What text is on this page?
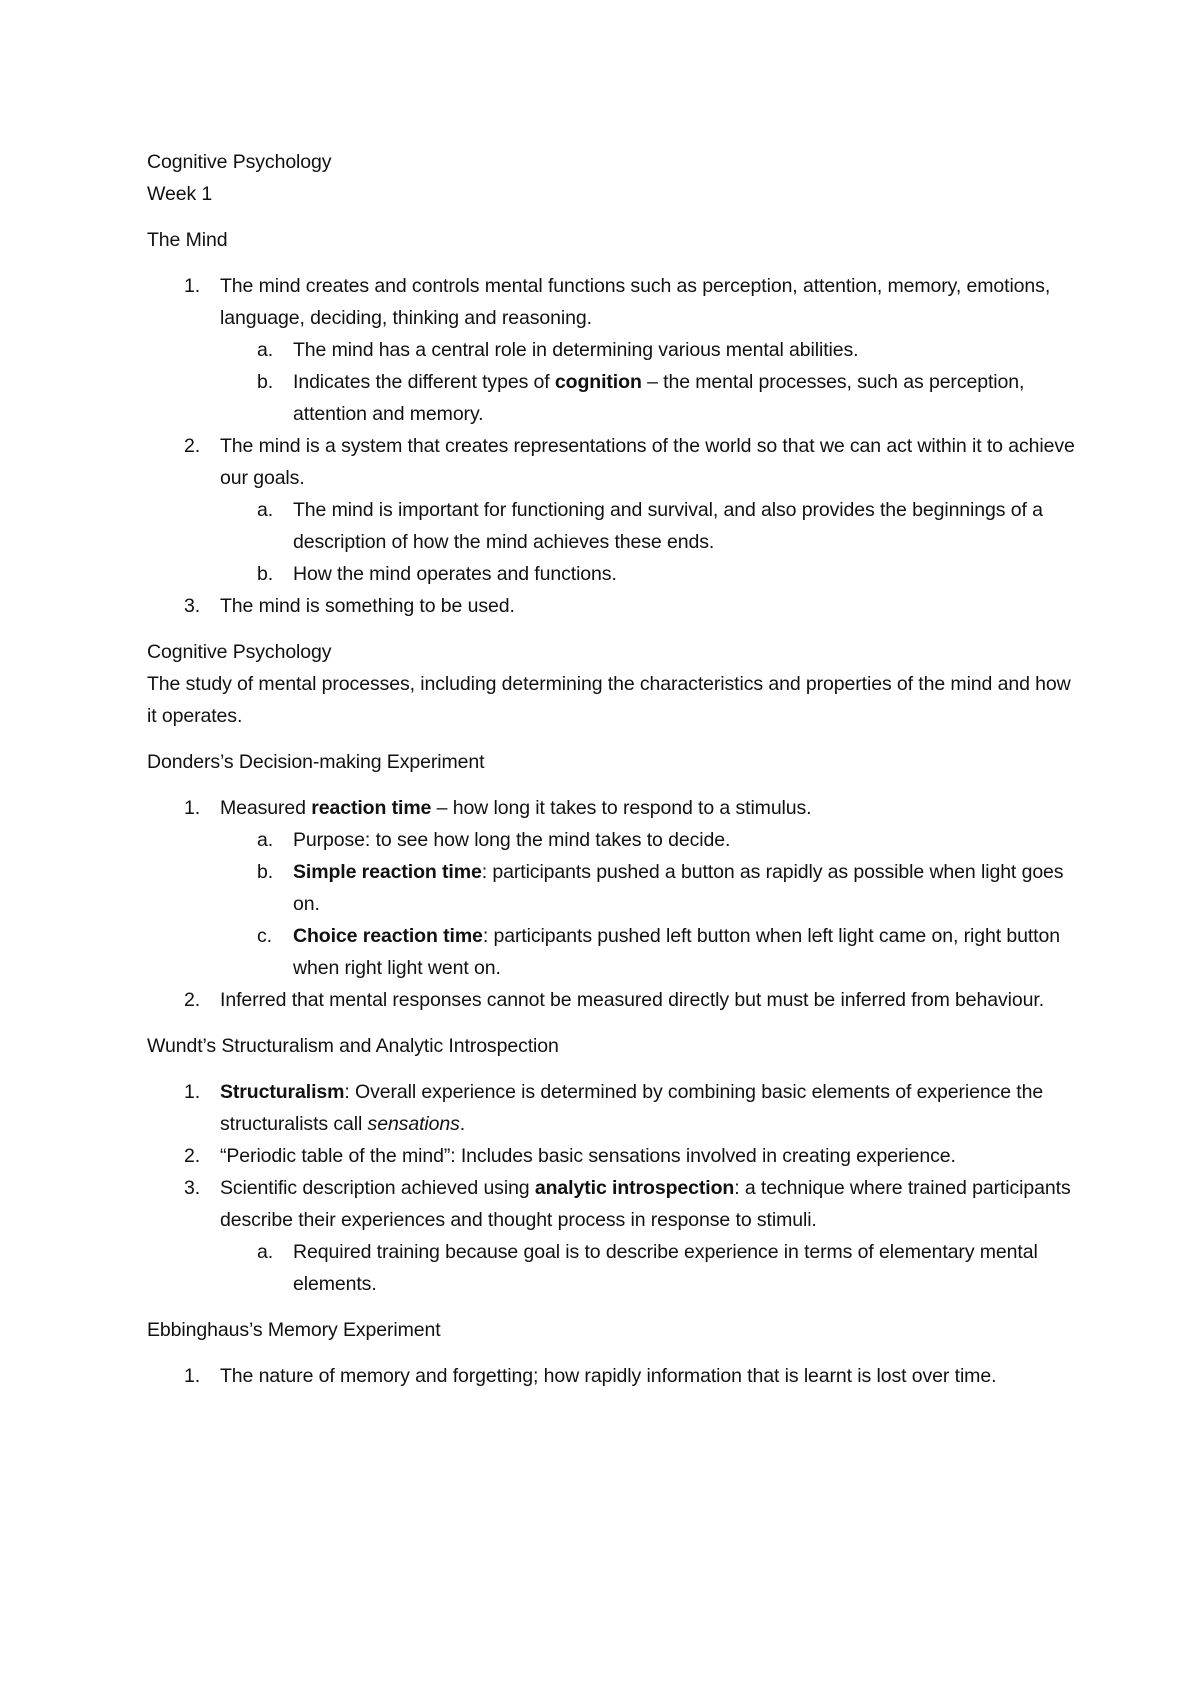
Cognitive Psychology

Week 1

The Mind

1. The mind creates and controls mental functions such as perception, attention, memory, emotions, language, deciding, thinking and reasoning.
a. The mind has a central role in determining various mental abilities.
b. Indicates the different types of cognition – the mental processes, such as perception, attention and memory.
2. The mind is a system that creates representations of the world so that we can act within it to achieve our goals.
a. The mind is important for functioning and survival, and also provides the beginnings of a description of how the mind achieves these ends.
b. How the mind operates and functions.
3. The mind is something to be used.

Cognitive Psychology

The study of mental processes, including determining the characteristics and properties of the mind and how it operates.

Donders’s Decision-making Experiment

1. Measured reaction time – how long it takes to respond to a stimulus.
a. Purpose: to see how long the mind takes to decide.
b. Simple reaction time: participants pushed a button as rapidly as possible when light goes on.
c. Choice reaction time: participants pushed left button when left light came on, right button when right light went on.
2. Inferred that mental responses cannot be measured directly but must be inferred from behaviour.

Wundt’s Structuralism and Analytic Introspection

1. Structuralism: Overall experience is determined by combining basic elements of experience the structuralists call sensations.
2. “Periodic table of the mind”: Includes basic sensations involved in creating experience.
3. Scientific description achieved using analytic introspection: a technique where trained participants describe their experiences and thought process in response to stimuli.
a. Required training because goal is to describe experience in terms of elementary mental elements.

Ebbinghaus’s Memory Experiment

1. The nature of memory and forgetting; how rapidly information that is learnt is lost over time.
